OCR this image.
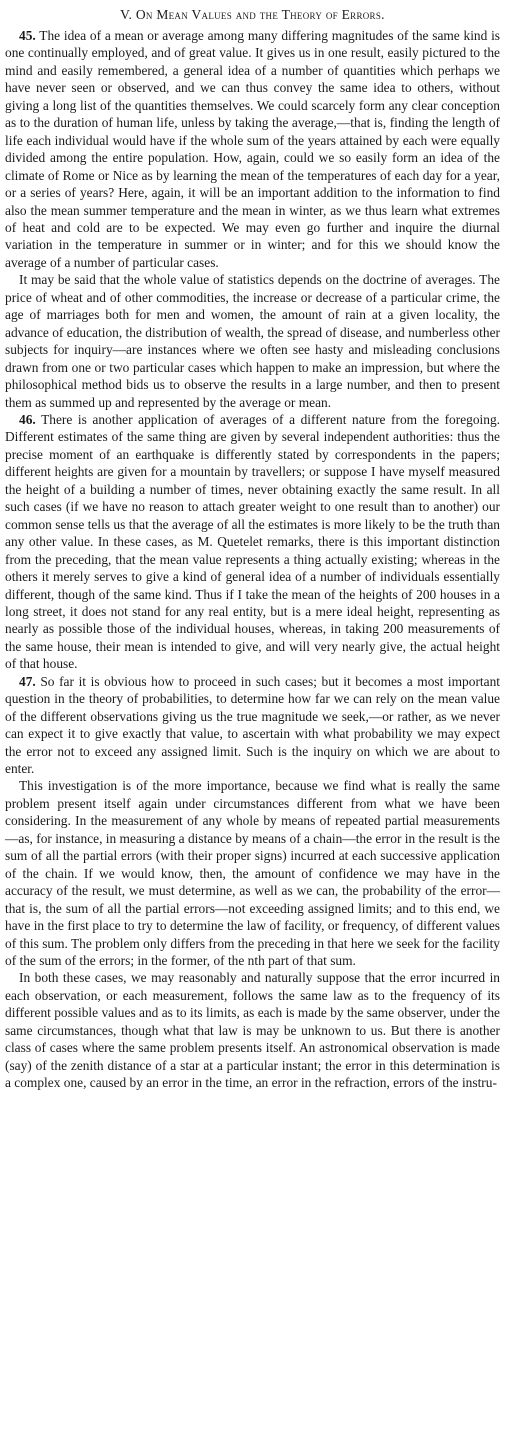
V. On Mean Values and the Theory of Errors.

45. The idea of a mean or average among many differing magnitudes of the same kind is one continually employed, and of great value. It gives us in one result, easily pictured to the mind and easily remembered, a general idea of a number of quantities which perhaps we have never seen or observed, and we can thus convey the same idea to others, without giving a long list of the quantities themselves. We could scarcely form any clear conception as to the duration of human life, unless by taking the average,—that is, finding the length of life each individual would have if the whole sum of the years attained by each were equally divided among the entire population. How, again, could we so easily form an idea of the climate of Rome or Nice as by learning the mean of the temperatures of each day for a year, or a series of years? Here, again, it will be an important addition to the information to find also the mean summer temperature and the mean in winter, as we thus learn what extremes of heat and cold are to be expected. We may even go further and inquire the diurnal variation in the temperature in summer or in winter; and for this we should know the average of a number of particular cases.

It may be said that the whole value of statistics depends on the doctrine of averages. The price of wheat and of other commodities, the increase or decrease of a particular crime, the age of marriages both for men and women, the amount of rain at a given locality, the advance of education, the distribution of wealth, the spread of disease, and numberless other subjects for inquiry—are instances where we often see hasty and misleading conclusions drawn from one or two particular cases which happen to make an impression, but where the philosophical method bids us to observe the results in a large number, and then to present them as summed up and represented by the average or mean.

46. There is another application of averages of a different nature from the foregoing. Different estimates of the same thing are given by several independent authorities: thus the precise moment of an earthquake is differently stated by correspondents in the papers; different heights are given for a mountain by travellers; or suppose I have myself measured the height of a building a number of times, never obtaining exactly the same result. In all such cases (if we have no reason to attach greater weight to one result than to another) our common sense tells us that the average of all the estimates is more likely to be the truth than any other value. In these cases, as M. Quetelet remarks, there is this important distinction from the preceding, that the mean value represents a thing actually existing; whereas in the others it merely serves to give a kind of general idea of a number of individuals essentially different, though of the same kind. Thus if I take the mean of the heights of 200 houses in a long street, it does not stand for any real entity, but is a mere ideal height, representing as nearly as possible those of the individual houses, whereas, in taking 200 measurements of the same house, their mean is intended to give, and will very nearly give, the actual height of that house.

47. So far it is obvious how to proceed in such cases; but it becomes a most important question in the theory of probabilities, to determine how far we can rely on the mean value of the different observations giving us the true magnitude we seek,—or rather, as we never can expect it to give exactly that value, to ascertain with what probability we may expect the error not to exceed any assigned limit. Such is the inquiry on which we are about to enter.

This investigation is of the more importance, because we find what is really the same problem present itself again under circumstances different from what we have been considering. In the measurement of any whole by means of repeated partial measurements—as, for instance, in measuring a distance by means of a chain—the error in the result is the sum of all the partial errors (with their proper signs) incurred at each successive application of the chain. If we would know, then, the amount of confidence we may have in the accuracy of the result, we must determine, as well as we can, the probability of the error—that is, the sum of all the partial errors—not exceeding assigned limits; and to this end, we have in the first place to try to determine the law of facility, or frequency, of different values of this sum. The problem only differs from the preceding in that here we seek for the facility of the sum of the errors; in the former, of the nth part of that sum.

In both these cases, we may reasonably and naturally suppose that the error incurred in each observation, or each measurement, follows the same law as to the frequency of its different possible values and as to its limits, as each is made by the same observer, under the same circumstances, though what that law is may be unknown to us. But there is another class of cases where the same problem presents itself. An astronomical observation is made (say) of the zenith distance of a star at a particular instant; the error in this determination is a complex one, caused by an error in the time, an error in the refraction, errors of the instru-
